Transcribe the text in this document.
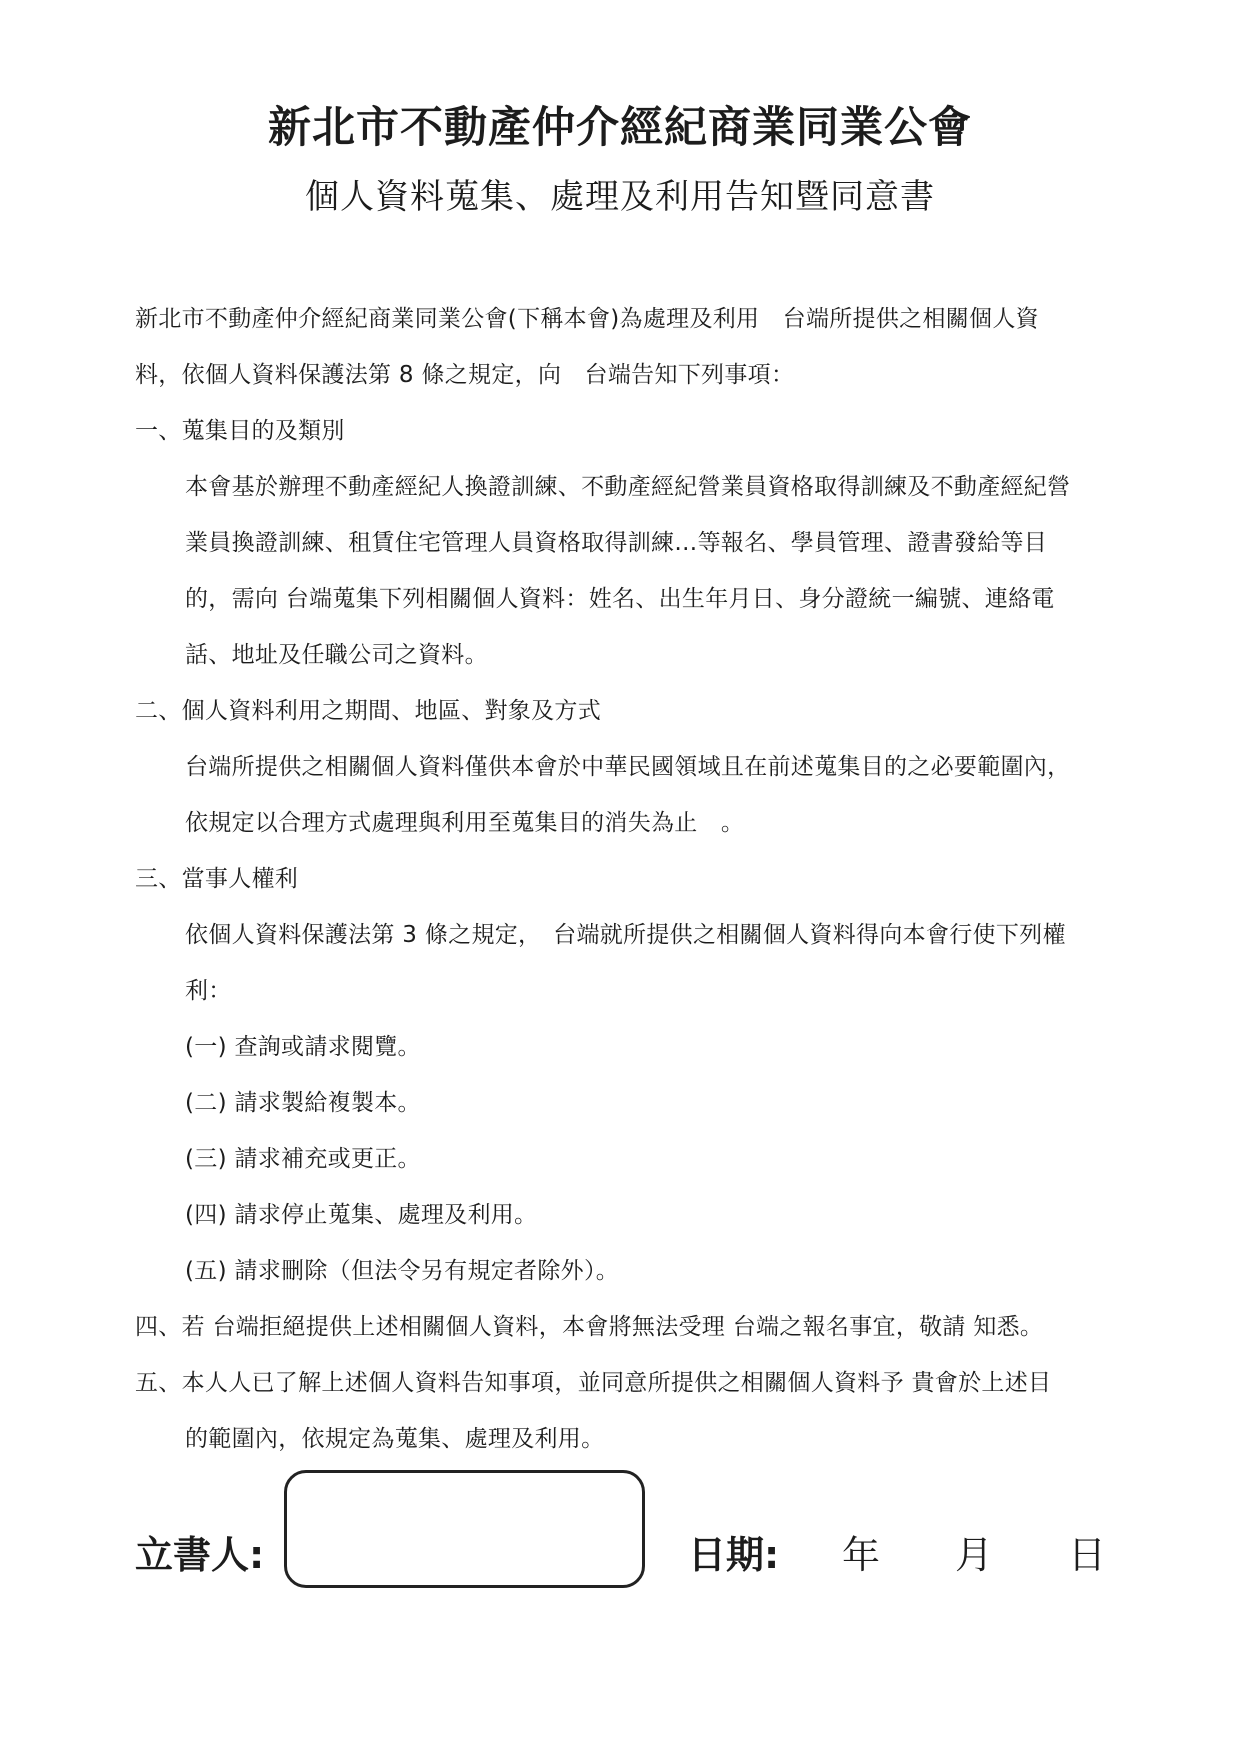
新北市不動產仲介經紀商業同業公會
個人資料蒐集、處理及利用告知暨同意書
新北市不動產仲介經紀商業同業公會(下稱本會)為處理及利用　台端所提供之相關個人資
料，依個人資料保護法第 8 條之規定，向　台端告知下列事項：
一、蒐集目的及類別
本會基於辦理不動產經紀人換證訓練、不動產經紀營業員資格取得訓練及不動產經紀營
業員換證訓練、租賃住宅管理人員資格取得訓練…等報名、學員管理、證書發給等目
的，需向 台端蒐集下列相關個人資料：姓名、出生年月日、身分證統一編號、連絡電
話、地址及任職公司之資料。
二、個人資料利用之期間、地區、對象及方式
台端所提供之相關個人資料僅供本會於中華民國領域且在前述蒐集目的之必要範圍內，
依規定以合理方式處理與利用至蒐集目的消失為止　。
三、當事人權利
依個人資料保護法第 3 條之規定，　台端就所提供之相關個人資料得向本會行使下列權
利：
(一) 查詢或請求閱覽。
(二) 請求製給複製本。
(三) 請求補充或更正。
(四) 請求停止蒐集、處理及利用。
(五) 請求刪除（但法令另有規定者除外）。
四、若 台端拒絕提供上述相關個人資料，本會將無法受理 台端之報名事宜，敬請 知悉。
五、本人人已了解上述個人資料告知事項，並同意所提供之相關個人資料予 貴會於上述目
的範圍內，依規定為蒐集、處理及利用。
立書人:	日期: 年 月 日
